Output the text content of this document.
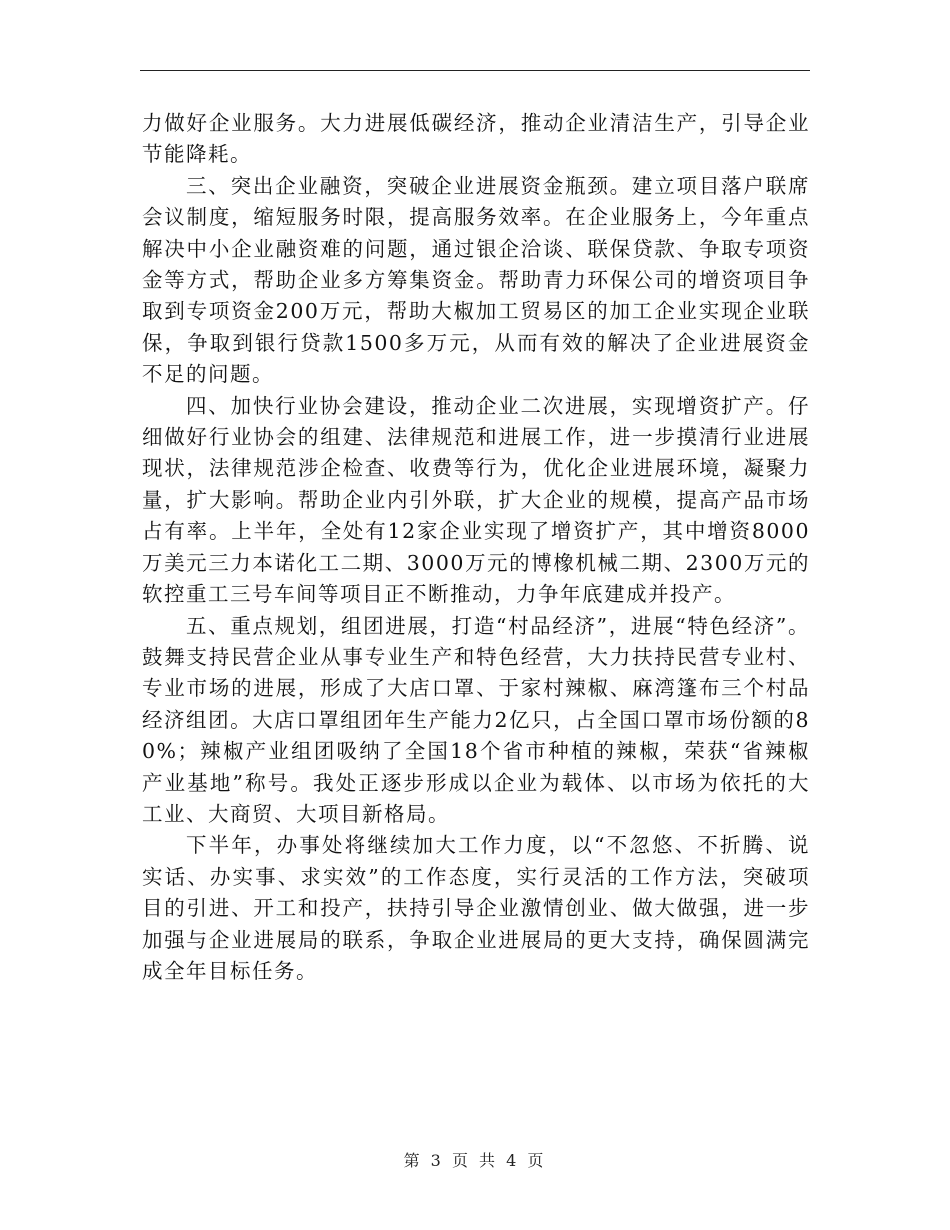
力做好企业服务。大力进展低碳经济，推动企业清洁生产，引导企业节能降耗。

三、突出企业融资，突破企业进展资金瓶颈。建立项目落户联席会议制度，缩短服务时限，提高服务效率。在企业服务上，今年重点解决中小企业融资难的问题，通过银企洽谈、联保贷款、争取专项资金等方式，帮助企业多方筹集资金。帮助青力环保公司的增资项目争取到专项资金200万元，帮助大椒加工贸易区的加工企业实现企业联保，争取到银行贷款1500多万元，从而有效的解决了企业进展资金不足的问题。

四、加快行业协会建设，推动企业二次进展，实现增资扩产。仔细做好行业协会的组建、法律规范和进展工作，进一步摸清行业进展现状，法律规范涉企检查、收费等行为，优化企业进展环境，凝聚力量，扩大影响。帮助企业内引外联，扩大企业的规模，提高产品市场占有率。上半年，全处有12家企业实现了增资扩产，其中增资8000万美元三力本诺化工二期、3000万元的博橡机械二期、2300万元的软控重工三号车间等项目正不断推动，力争年底建成并投产。

五、重点规划，组团进展，打造“村品经济”，进展“特色经济”。鼓舞支持民营企业从事专业生产和特色经营，大力扶持民营专业村、专业市场的进展，形成了大店口罩、于家村辣椒、麻湾篷布三个村品经济组团。大店口罩组团年生产能力2亿只，占全国口罩市场份额的80%；辣椒产业组团吸纳了全国18个省市种植的辣椒，荣获“省辣椒产业基地”称号。我处正逐步形成以企业为载体、以市场为依托的大工业、大商贸、大项目新格局。

下半年，办事处将继续加大工作力度，以“不忽悠、不折腾、说实话、办实事、求实效”的工作态度，实行灵活的工作方法，突破项目的引进、开工和投产，扶持引导企业激情创业、做大做强，进一步加强与企业进展局的联系，争取企业进展局的更大支持，确保圆满完成全年目标任务。

第 3 页 共 4 页
